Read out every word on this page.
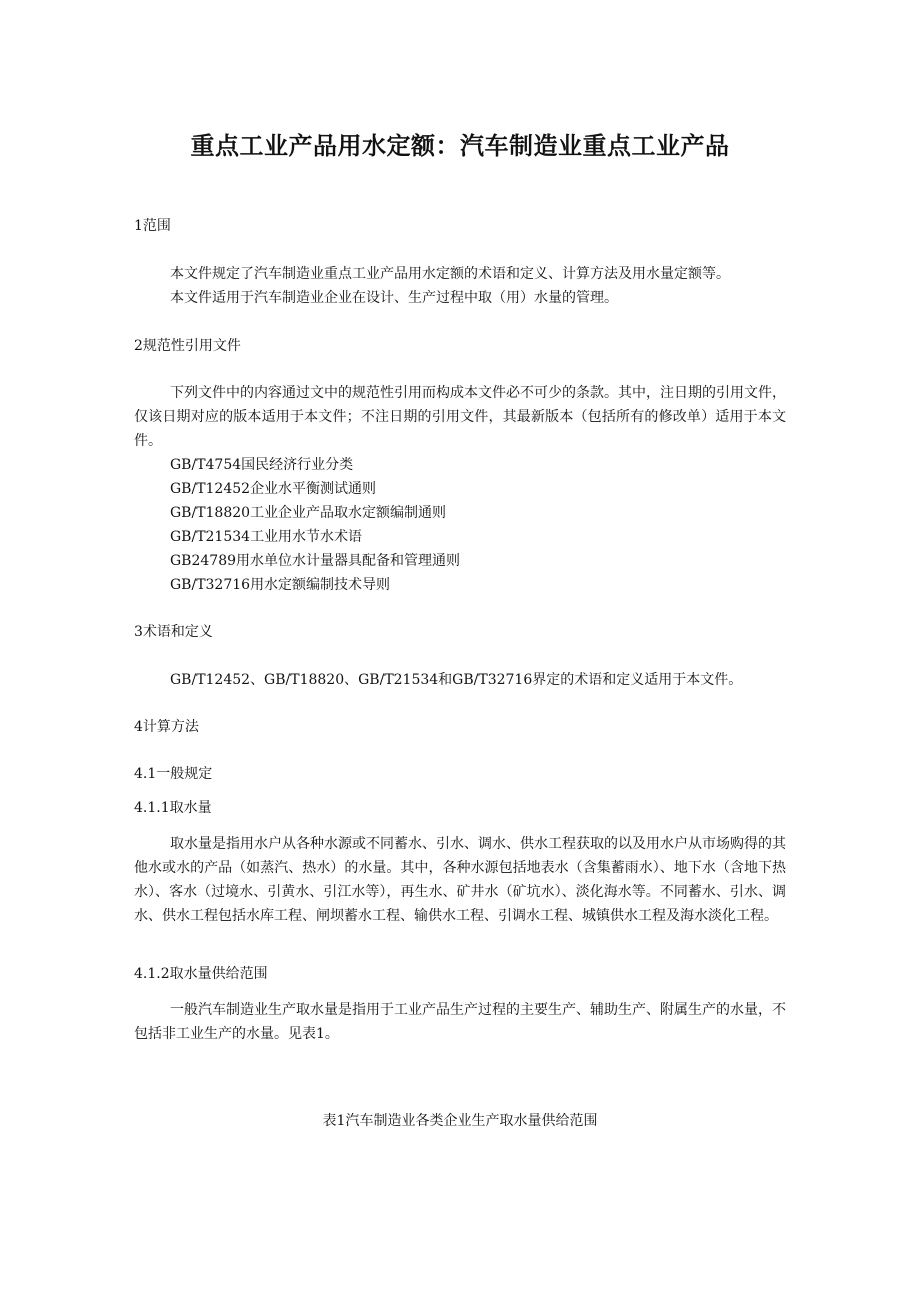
重点工业产品用水定额：汽车制造业重点工业产品
1范围
本文件规定了汽车制造业重点工业产品用水定额的术语和定义、计算方法及用水量定额等。
本文件适用于汽车制造业企业在设计、生产过程中取（用）水量的管理。
2规范性引用文件

下列文件中的内容通过文中的规范性引用而构成本文件必不可少的条款。其中，注日期的引用文件，仅该日期对应的版本适用于本文件；不注日期的引用文件，其最新版本（包括所有的修改单）适用于本文件。

GB/T4754国民经济行业分类
GB/T12452企业水平衡测试通则
GB/T18820工业企业产品取水定额编制通则
GB/T21534工业用水节水术语
GB24789用水单位水计量器具配备和管理通则
GB/T32716用水定额编制技术导则
3术语和定义
GB/T12452、GB/T18820、GB/T21534和GB/T32716界定的术语和定义适用于本文件。
4计算方法
4.1一般规定
4.1.1取水量

取水量是指用水户从各种水源或不同蓄水、引水、调水、供水工程获取的以及用水户从市场购得的其他水或水的产品（如蒸汽、热水）的水量。其中，各种水源包括地表水（含集蓄雨水）、地下水（含地下热水）、客水（过境水、引黄水、引江水等），再生水、矿井水（矿坑水）、淡化海水等。不同蓄水、引水、调水、供水工程包括水库工程、闸坝蓄水工程、输供水工程、引调水工程、城镇供水工程及海水淡化工程。

4.1.2取水量供给范围

一般汽车制造业生产取水量是指用于工业产品生产过程的主要生产、辅助生产、附属生产的水量，不包括非工业生产的水量。见表1。

表1汽车制造业各类企业生产取水量供给范围
